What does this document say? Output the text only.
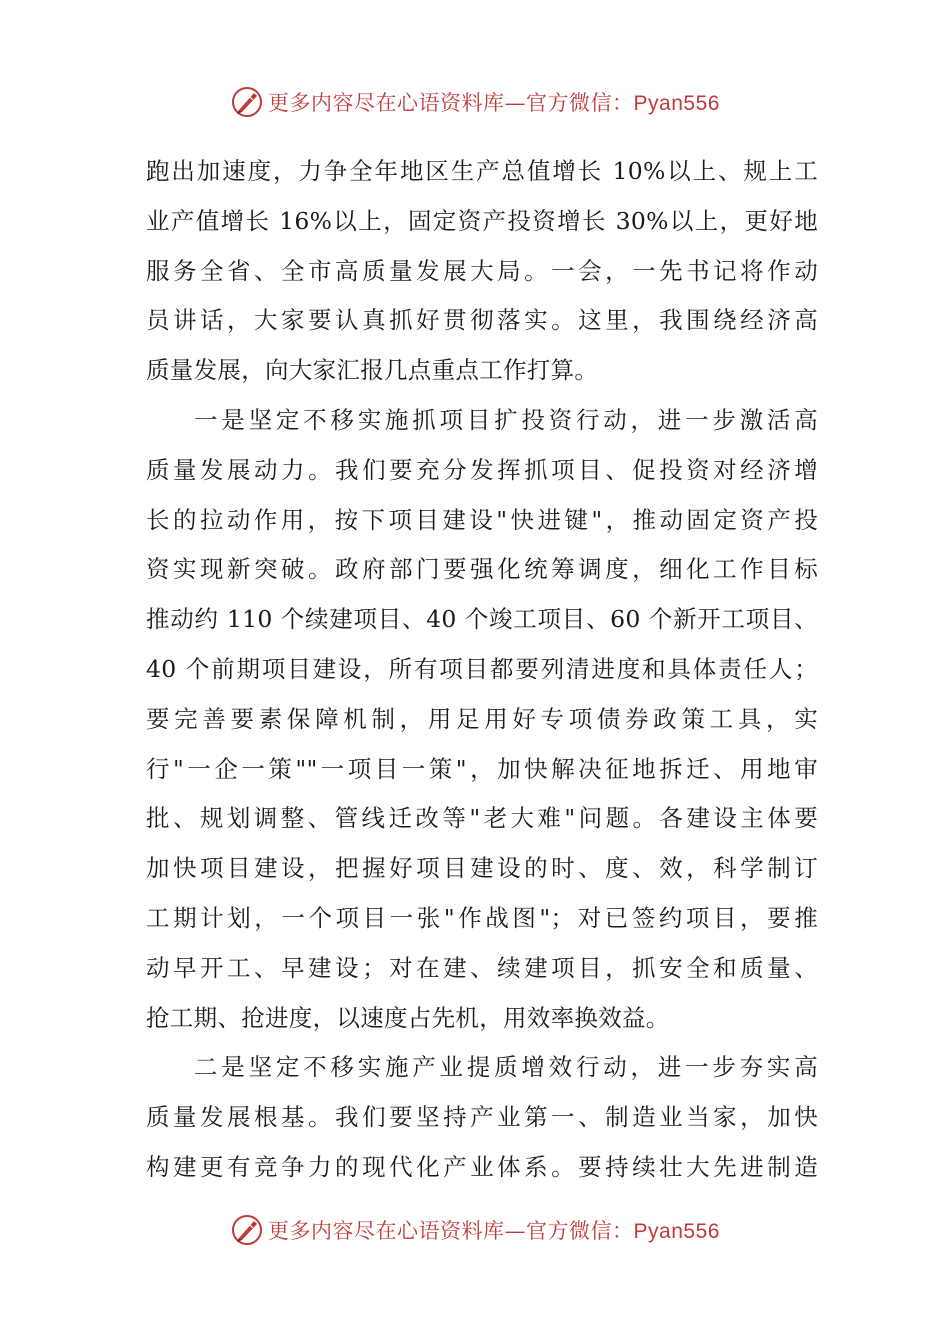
更多内容尽在心语资料库—官方微信：Pyan556
跑出加速度，力争全年地区生产总值增长 10%以上、规上工
业产值增长 16%以上，固定资产投资增长 30%以上，更好地
服务全省、全市高质量发展大局。一会，一先书记将作动
员讲话，大家要认真抓好贯彻落实。这里，我围绕经济高
质量发展，向大家汇报几点重点工作打算。
一是坚定不移实施抓项目扩投资行动，进一步激活高
质量发展动力。我们要充分发挥抓项目、促投资对经济增
长的拉动作用，按下项目建设"快进键"，推动固定资产投
资实现新突破。政府部门要强化统筹调度，细化工作目标
推动约 110 个续建项目、40 个竣工项目、60 个新开工项目、
40 个前期项目建设，所有项目都要列清进度和具体责任人；
要完善要素保障机制，用足用好专项债券政策工具，实
行"一企一策""一项目一策"，加快解决征地拆迁、用地审
批、规划调整、管线迁改等"老大难"问题。各建设主体要
加快项目建设，把握好项目建设的时、度、效，科学制订
工期计划，一个项目一张"作战图"；对已签约项目，要推
动早开工、早建设；对在建、续建项目，抓安全和质量、
抢工期、抢进度，以速度占先机，用效率换效益。
二是坚定不移实施产业提质增效行动，进一步夯实高
质量发展根基。我们要坚持产业第一、制造业当家，加快
构建更有竞争力的现代化产业体系。要持续壮大先进制造
更多内容尽在心语资料库—官方微信：Pyan556
